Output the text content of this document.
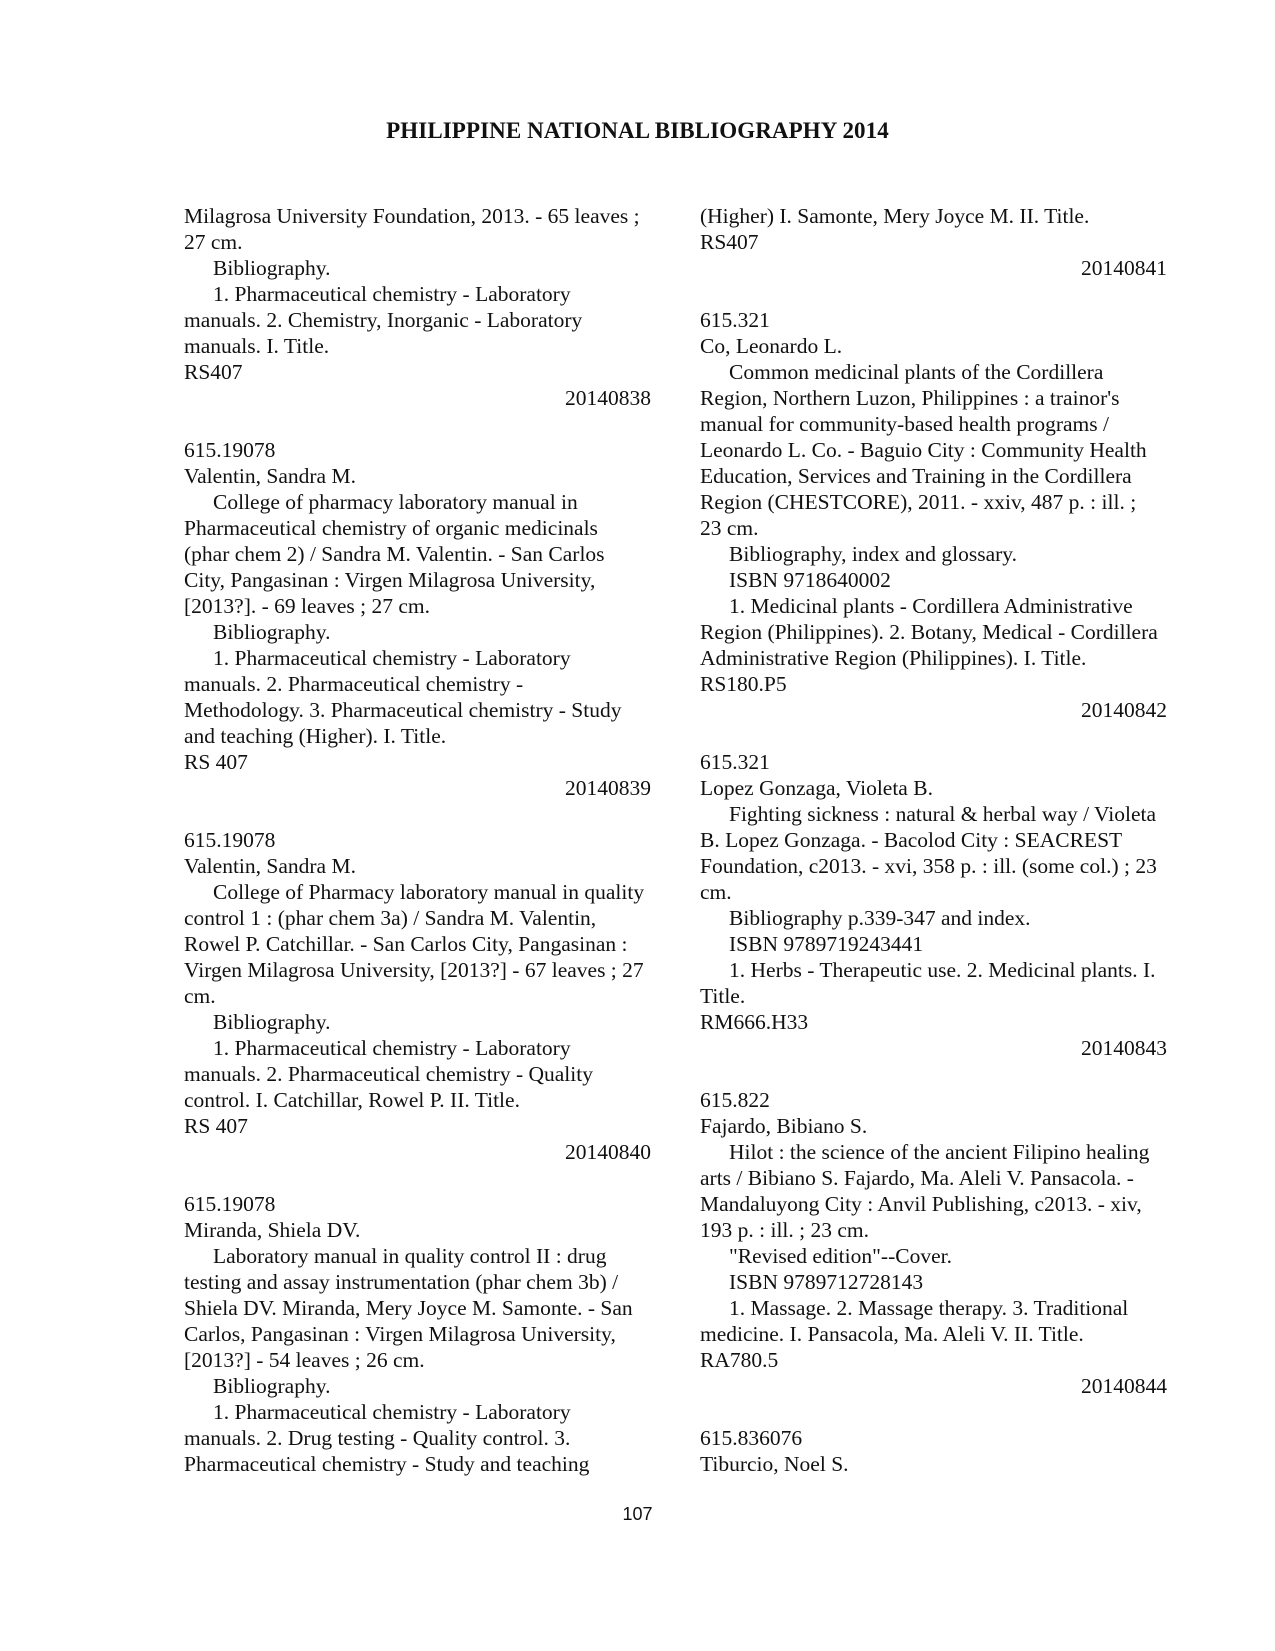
PHILIPPINE NATIONAL BIBLIOGRAPHY 2014
Milagrosa University Foundation, 2013. - 65 leaves ;
27 cm.
Bibliography.
1. Pharmaceutical chemistry - Laboratory
manuals. 2. Chemistry, Inorganic - Laboratory
manuals. I. Title.
RS407
20140838
615.19078
Valentin, Sandra M.
College of pharmacy laboratory manual in
Pharmaceutical chemistry of organic medicinals
(phar chem 2) / Sandra M. Valentin. - San Carlos
City, Pangasinan : Virgen Milagrosa University,
[2013?]. - 69 leaves ; 27 cm.
Bibliography.
1. Pharmaceutical chemistry - Laboratory
manuals. 2. Pharmaceutical chemistry -
Methodology. 3. Pharmaceutical chemistry - Study
and teaching (Higher). I. Title.
RS 407
20140839
615.19078
Valentin, Sandra M.
College of Pharmacy laboratory manual in quality
control 1 : (phar chem 3a) / Sandra M. Valentin,
Rowel P. Catchillar. - San Carlos City, Pangasinan :
Virgen Milagrosa University, [2013?] - 67 leaves ; 27
cm.
Bibliography.
1. Pharmaceutical chemistry - Laboratory
manuals. 2. Pharmaceutical chemistry - Quality
control. I. Catchillar, Rowel P. II. Title.
RS 407
20140840
615.19078
Miranda, Shiela DV.
Laboratory manual in quality control II : drug
testing and assay instrumentation (phar chem 3b) /
Shiela DV. Miranda, Mery Joyce M. Samonte. - San
Carlos, Pangasinan : Virgen Milagrosa University,
[2013?] - 54 leaves ; 26 cm.
Bibliography.
1. Pharmaceutical chemistry - Laboratory
manuals. 2. Drug testing - Quality control. 3.
Pharmaceutical chemistry - Study and teaching
(Higher) I. Samonte, Mery Joyce M. II. Title.
RS407
20140841
615.321
Co, Leonardo L.
Common medicinal plants of the Cordillera
Region, Northern Luzon, Philippines : a trainor's
manual for community-based health programs /
Leonardo L. Co. - Baguio City : Community Health
Education, Services and Training in the Cordillera
Region (CHESTCORE), 2011. - xxiv, 487 p. : ill. ;
23 cm.
Bibliography, index and glossary.
ISBN 9718640002
1. Medicinal plants - Cordillera Administrative
Region (Philippines). 2. Botany, Medical - Cordillera
Administrative Region (Philippines). I. Title.
RS180.P5
20140842
615.321
Lopez Gonzaga, Violeta B.
Fighting sickness : natural & herbal way / Violeta
B. Lopez Gonzaga. - Bacolod City : SEACREST
Foundation, c2013. - xvi, 358 p. : ill. (some col.) ; 23
cm.
Bibliography p.339-347 and index.
ISBN 9789719243441
1. Herbs - Therapeutic use. 2. Medicinal plants. I.
Title.
RM666.H33
20140843
615.822
Fajardo, Bibiano S.
Hilot : the science of the ancient Filipino healing
arts / Bibiano S. Fajardo, Ma. Aleli V. Pansacola. -
Mandaluyong City : Anvil Publishing, c2013. - xiv,
193 p. : ill. ; 23 cm.
"Revised edition"--Cover.
ISBN 9789712728143
1. Massage. 2. Massage therapy. 3. Traditional
medicine. I. Pansacola, Ma. Aleli V. II. Title.
RA780.5
20140844
615.836076
Tiburcio, Noel S.
107
